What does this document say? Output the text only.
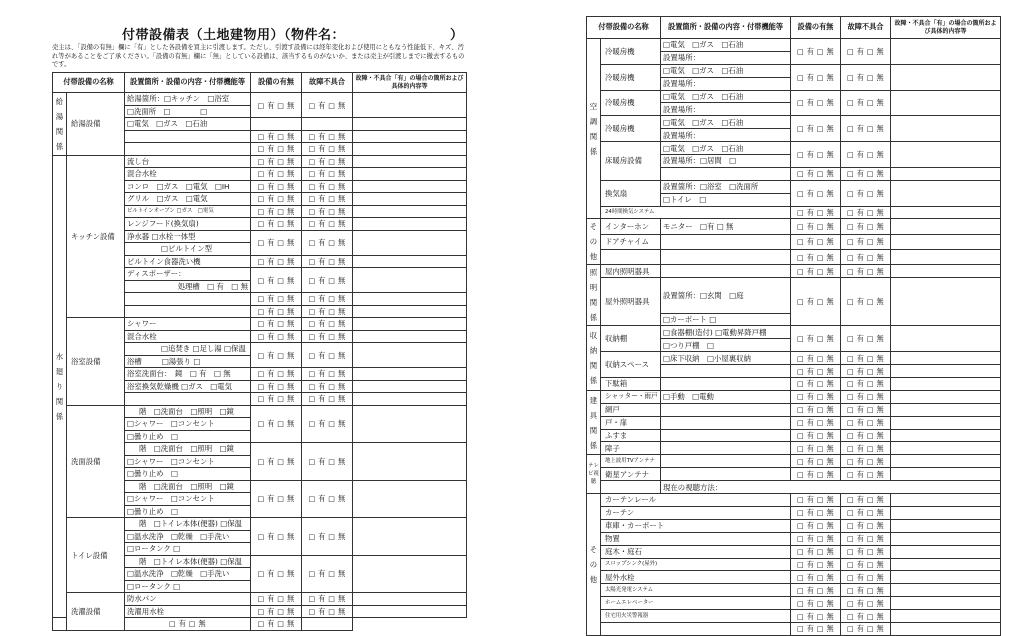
付帯設備表（土地建物用）（物件名：	）
売主は、「設備の有無」欄に「有」とした各設備を買主に引渡します。ただし、引渡す設備には経年変化および使用にともなう性能低下、キズ、汚れ等があることをご了承ください。「設備の有無」欄に「無」としている設備は、該当するものがないか、または売主が引渡しまでに撤去するものです。
付帯設備の名称		設置箇所・設備の内容・付帯機能等	設備の有無	故障不具合	故障・不具合「有」の場合の箇所および具体的内容等
給湯関係	給湯設備	給湯箇所：□キッチン　□浴室	□ 有 □ 無	□ 有 □ 無	
		□洗面所　□　　　　□			
		□電気　□ガス　□石油			
			□ 有 □ 無	□ 有 □ 無	
			□ 有 □ 無	□ 有 □ 無	
水廻り関係	キッチン設備	流し台	□ 有 □ 無	□ 有 □ 無	
		混合水栓	□ 有 □ 無	□ 有 □ 無	
		コンロ　□ガス　□電気　□IH	□ 有 □ 無	□ 有 □ 無	
		グリル　□ガス　□電気	□ 有 □ 無	□ 有 □ 無	
		ビルトインオーブン □ガス　□電気	□ 有 □ 無	□ 有 □ 無	
		レンジフード(換気扇)	□ 有 □ 無	□ 有 □ 無	
		浄水器 □水栓一体型	□ 有 □ 無	□ 有 □ 無	
		□ビルトイン型			
		ビルトイン食器洗い機	□ 有 □ 無	□ 有 □ 無	
		ディスポーザー：	□ 有 □ 無	□ 有 □ 無	
		処理槽　□ 有　□ 無			
			□ 有 □ 無	□ 有 □ 無	
			□ 有 □ 無	□ 有 □ 無	
	浴室設備	シャワー	□ 有 □ 無	□ 有 □ 無	
		混合水栓	□ 有 □ 無	□ 有 □ 無	
		□追焚き □足し湯 □保温	□ 有 □ 無	□ 有 □ 無	
		浴槽 □湯張り □			
		浴室洗面台：　鏡　□ 有　□ 無	□ 有 □ 無	□ 有 □ 無	
		浴室換気乾燥機 □ガス　□電気	□ 有 □ 無	□ 有 □ 無	
			□ 有 □ 無	□ 有 □ 無	
	洗面設備	階　□洗面台　□照明　□鏡	□ 有 □ 無	□ 有 □ 無	
		□シャワー　□コンセント			
		□曇り止め　□			
		階　□洗面台　□照明　□鏡	□ 有 □ 無	□ 有 □ 無	
		□シャワー　□コンセント			
		□曇り止め　□			
		階　□洗面台　□照明　□鏡	□ 有 □ 無	□ 有 □ 無	
		□シャワー　□コンセント			
		□曇り止め　□			
	トイレ設備	階　□トイレ本体(便器) □保温	□ 有 □ 無	□ 有 □ 無	
		□温水洗浄　□乾燥　□手洗い			
		□ロータンク □			
		階　□トイレ本体(便器) □保温	□ 有 □ 無	□ 有 □ 無	
		□温水洗浄　□乾燥　□手洗い			
		□ロータンク □			
	洗濯設備	防水パン	□ 有 □ 無	□ 有 □ 無	
		洗濯用水栓	□ 有 □ 無	□ 有 □ 無	
		□ 有 □ 無	□ 有 □ 無		
付帯設備の名称		設置箇所・設備の内容・付帯機能等	設備の有無	故障不具合	故障・不具合「有」の場合の箇所および具体的内容等
空調関係	冷暖房機	□電気　□ガス　□石油	□ 有 □ 無	□ 有 □ 無	
		設置場所：			
	冷暖房機	□電気　□ガス　□石油	□ 有 □ 無	□ 有 □ 無	
		設置場所：			
	冷暖房機	□電気　□ガス　□石油	□ 有 □ 無	□ 有 □ 無	
		設置場所：			
	冷暖房機	□電気　□ガス　□石油	□ 有 □ 無	□ 有 □ 無	
		設置場所：			
	床暖房設備	□電気　□ガス　□石油	□ 有 □ 無	□ 有 □ 無	
		設置場所：□居間　□			
			□ 有 □ 無	□ 有 □ 無	
	換気扇	設置箇所：□浴室　□洗面所	□ 有 □ 無	□ 有 □ 無	
		□トイレ　□			
	24時間換気システム		□ 有 □ 無	□ 有 □ 無	
その他	インターホン	モニター　□有 □ 無	□ 有 □ 無	□ 有 □ 無	
	ドアチャイム		□ 有 □ 無	□ 有 □ 無	
			□ 有 □ 無	□ 有 □ 無	
照明関係	屋内照明器具		□ 有 □ 無	□ 有 □ 無	
	屋外照明器具	設置箇所：□玄関　□庭	□ 有 □ 無	□ 有 □ 無	
		□カーポート □			
収納関係	収納棚	□食器棚(造付) □電動昇降戸棚	□ 有 □ 無	□ 有 □ 無	
		□つり戸棚　□			
	収納スペース	□床下収納　□小屋裏収納	□ 有 □ 無	□ 有 □ 無	
			□ 有 □ 無	□ 有 □ 無	
	下駄箱		□ 有 □ 無	□ 有 □ 無	
建具関係	シャッター・雨戸	□手動　□電動	□ 有 □ 無	□ 有 □ 無	
	網戸		□ 有 □ 無	□ 有 □ 無	
	戸・扉		□ 有 □ 無	□ 有 □ 無	
	ふすま		□ 有 □ 無	□ 有 □ 無	
	障子		□ 有 □ 無	□ 有 □ 無	
テレビ視聴	地上波用TVアンテナ		□ 有 □ 無	□ 有 □ 無	
	衛星アンテナ		□ 有 □ 無	□ 有 □ 無	
		現在の視聴方法：			
その他	カーテンレール		□ 有 □ 無	□ 有 □ 無	
	カーテン		□ 有 □ 無	□ 有 □ 無	
	車庫・カーポート		□ 有 □ 無	□ 有 □ 無	
	物置		□ 有 □ 無	□ 有 □ 無	
	庭木・庭石		□ 有 □ 無	□ 有 □ 無	
	スロップシンク(屋外)		□ 有 □ 無	□ 有 □ 無	
	屋外水栓		□ 有 □ 無	□ 有 □ 無	
	太陽光発電システム		□ 有 □ 無	□ 有 □ 無	
	ホームエレベーター		□ 有 □ 無	□ 有 □ 無	
	住宅用火災警報器		□ 有 □ 無	□ 有 □ 無	
			□ 有 □ 無	□ 有 □ 無	
